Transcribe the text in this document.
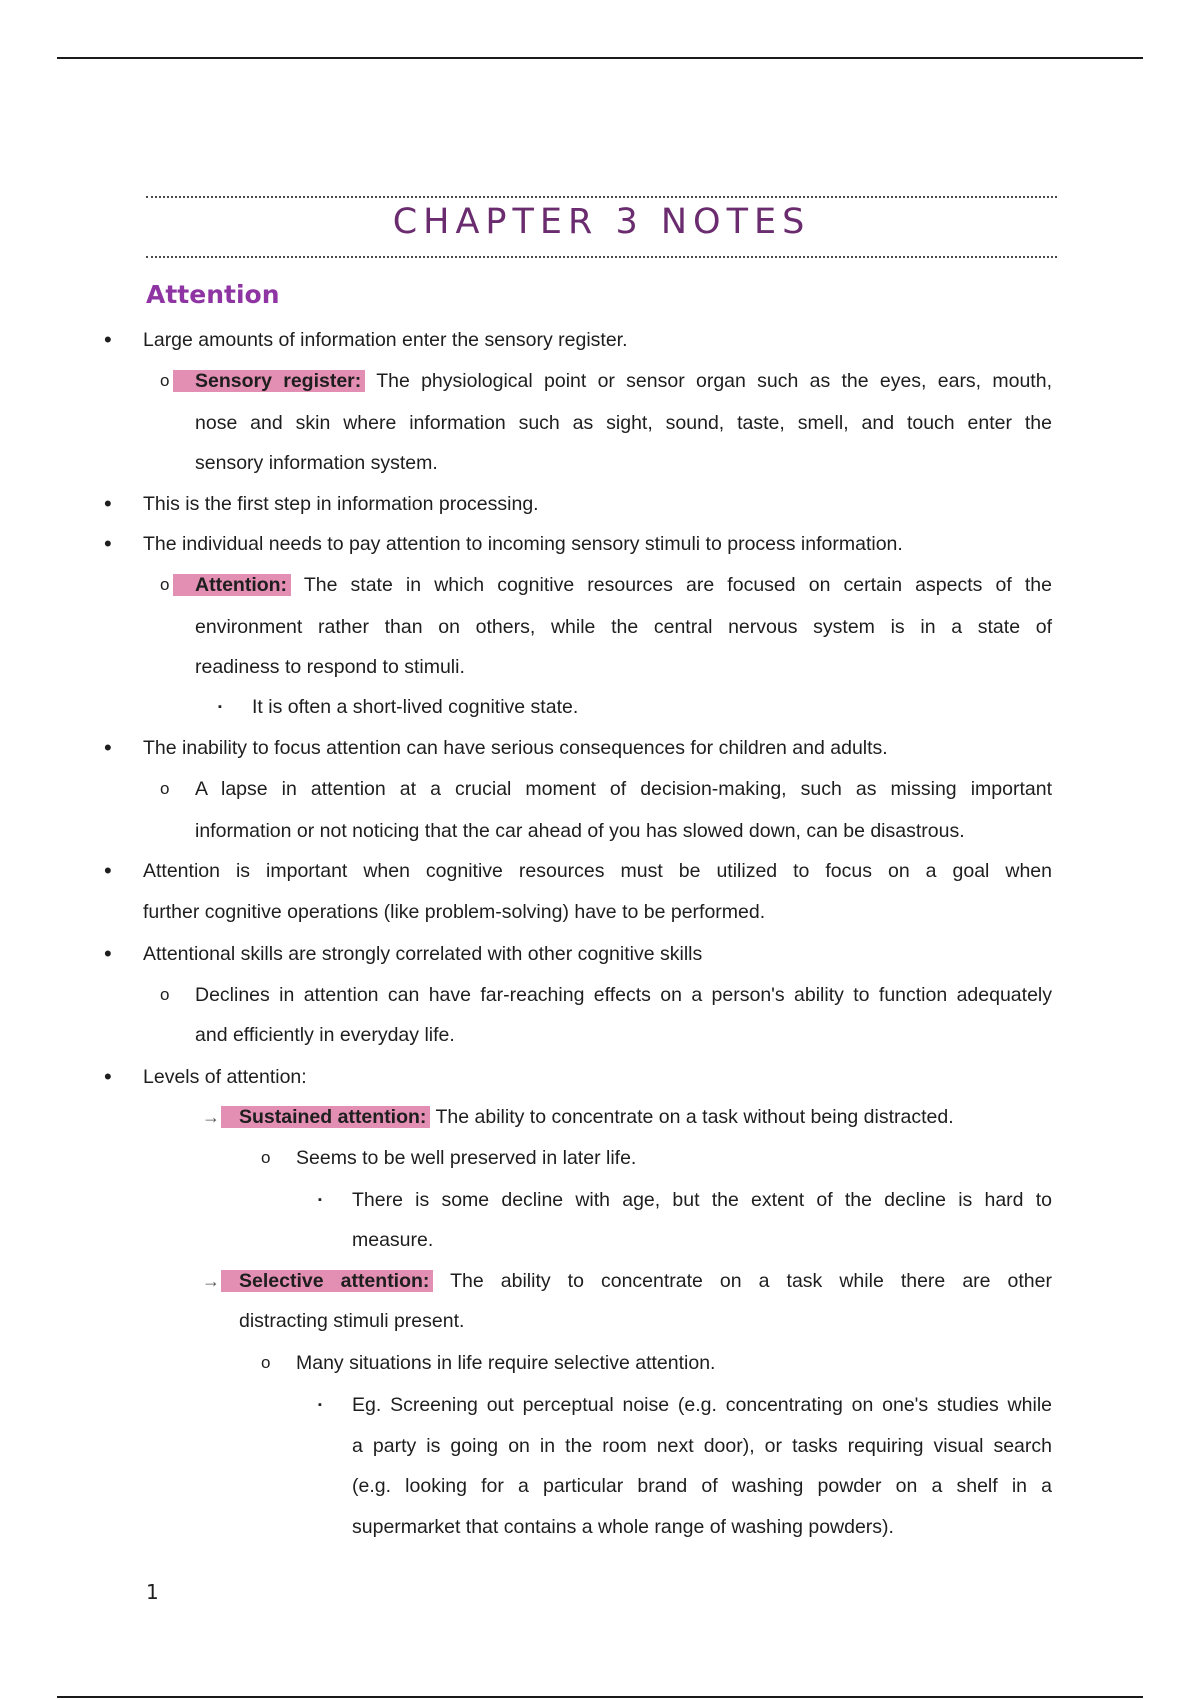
CHAPTER 3 NOTES
Attention
• Large amounts of information enter the sensory register.
o Sensory register: The physiological point or sensor organ such as the eyes, ears, mouth,
nose and skin where information such as sight, sound, taste, smell, and touch enter the
sensory information system.
• This is the first step in information processing.
• The individual needs to pay attention to incoming sensory stimuli to process information.
o Attention: The state in which cognitive resources are focused on certain aspects of the
environment rather than on others, while the central nervous system is in a state of
readiness to respond to stimuli.
▪ It is often a short-lived cognitive state.
• The inability to focus attention can have serious consequences for children and adults.
o A lapse in attention at a crucial moment of decision-making, such as missing important
information or not noticing that the car ahead of you has slowed down, can be disastrous.
• Attention is important when cognitive resources must be utilized to focus on a goal when
further cognitive operations (like problem-solving) have to be performed.
• Attentional skills are strongly correlated with other cognitive skills
o Declines in attention can have far-reaching effects on a person's ability to function adequately
and efficiently in everyday life.
• Levels of attention:
→ Sustained attention: The ability to concentrate on a task without being distracted.
o Seems to be well preserved in later life.
▪ There is some decline with age, but the extent of the decline is hard to
measure.
→ Selective attention: The ability to concentrate on a task while there are other
distracting stimuli present.
o Many situations in life require selective attention.
▪ Eg. Screening out perceptual noise (e.g. concentrating on one's studies while
a party is going on in the room next door), or tasks requiring visual search
(e.g. looking for a particular brand of washing powder on a shelf in a
supermarket that contains a whole range of washing powders).
1
